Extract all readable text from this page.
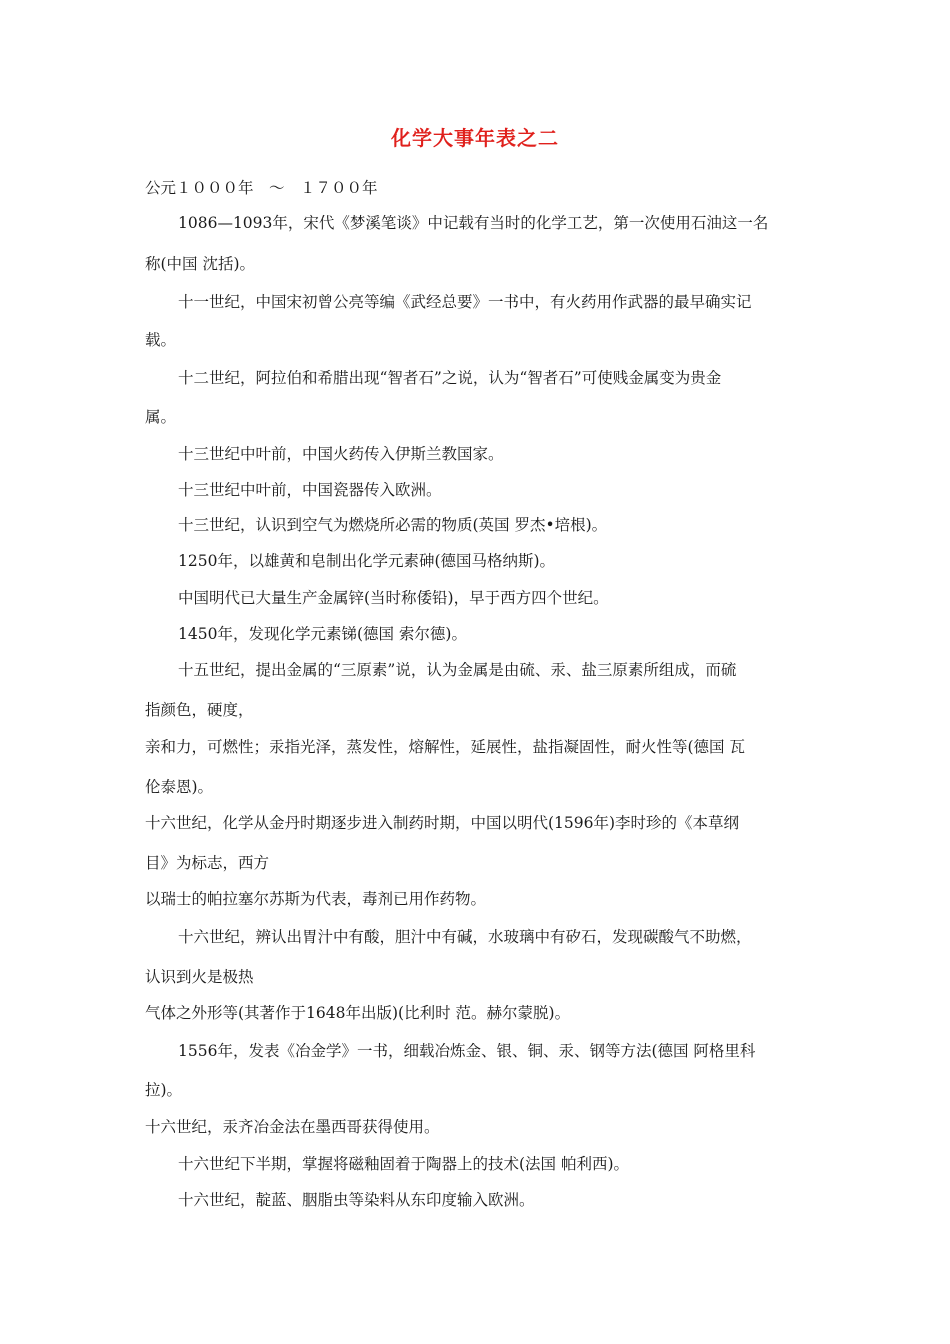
化学大事年表之二
公元１０００年　～　１７００年
1086—1093年，宋代《梦溪笔谈》中记载有当时的化学工艺，第一次使用石油这一名
称(中国 沈括)。
十一世纪，中国宋初曾公亮等编《武经总要》一书中，有火药用作武器的最早确实记
载。
十二世纪，阿拉伯和希腊出现“智者石”之说，认为“智者石”可使贱金属变为贵金
属。
十三世纪中叶前，中国火药传入伊斯兰教国家。
十三世纪中叶前，中国瓷器传入欧洲。
十三世纪，认识到空气为燃烧所必需的物质(英国 罗杰•培根)。
1250年，以雄黄和皂制出化学元素砷(德国马格纳斯)。
中国明代已大量生产金属锌(当时称倭铅)，早于西方四个世纪。
1450年，发现化学元素锑(德国 索尔德)。
十五世纪，提出金属的“三原素”说，认为金属是由硫、汞、盐三原素所组成，而硫
指颜色，硬度，
亲和力，可燃性；汞指光泽，蒸发性，熔解性，延展性，盐指凝固性，耐火性等(德国 瓦
伦泰恩)。
十六世纪，化学从金丹时期逐步进入制药时期，中国以明代(1596年)李时珍的《本草纲
目》为标志，西方
以瑞士的帕拉塞尔苏斯为代表，毒剂已用作药物。
十六世纪，辨认出胃汁中有酸，胆汁中有碱，水玻璃中有矽石，发现碳酸气不助燃，
认识到火是极热
气体之外形等(其著作于1648年出版)(比利时 范。赫尔蒙脱)。
1556年，发表《冶金学》一书，细载冶炼金、银、铜、汞、钢等方法(德国 阿格里科
拉)。
十六世纪，汞齐冶金法在墨西哥获得使用。
十六世纪下半期，掌握将磁釉固着于陶器上的技术(法国 帕利西)。
十六世纪，靛蓝、胭脂虫等染料从东印度输入欧洲。
